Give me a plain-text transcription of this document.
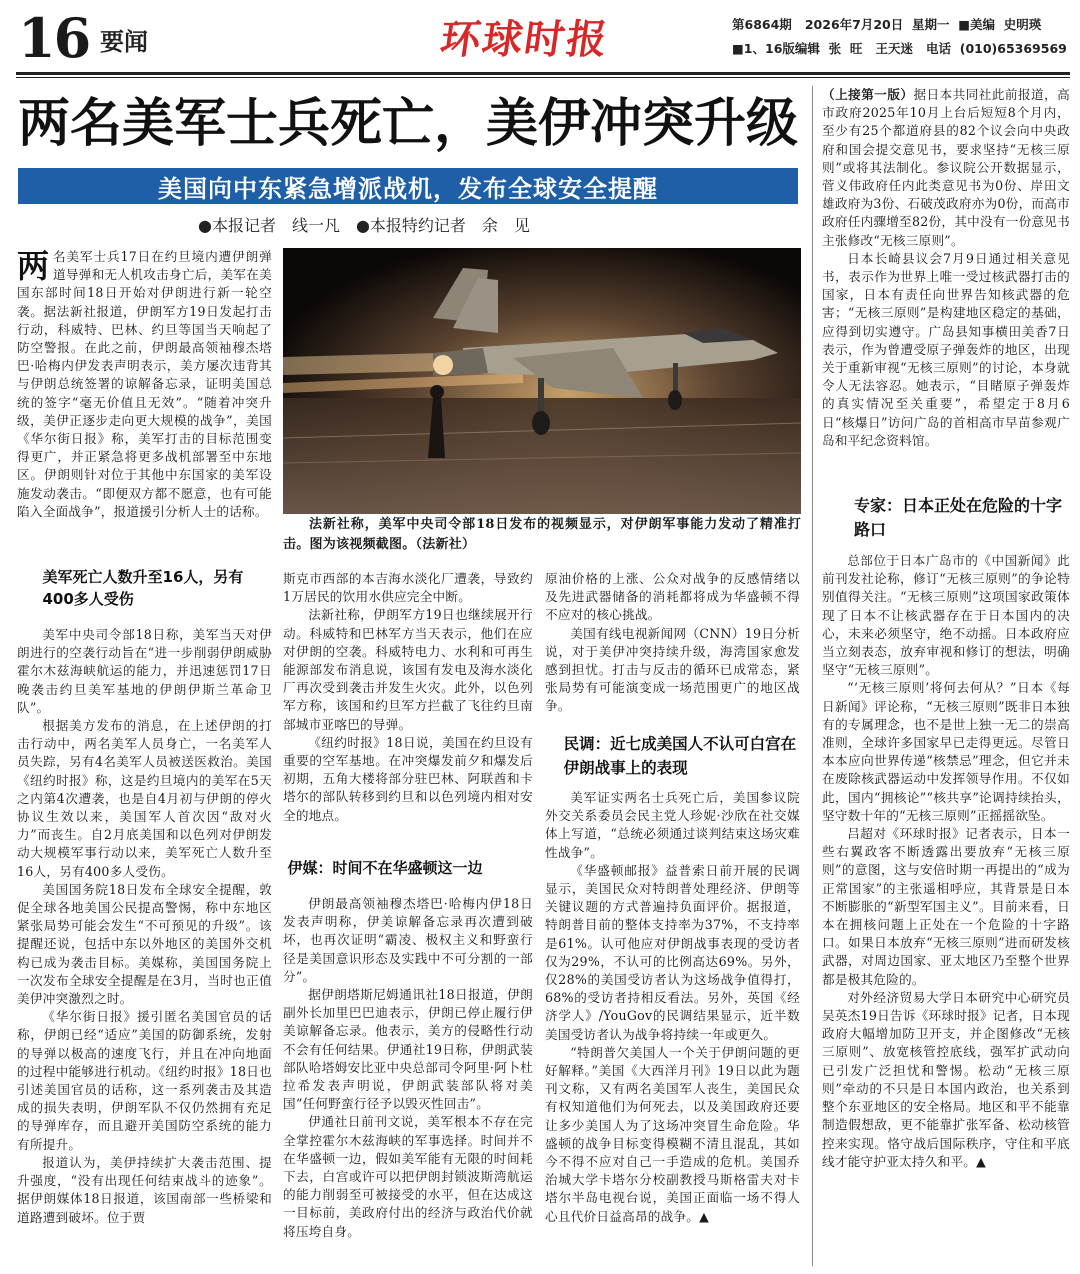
16 要闻	环球时报	第6864期 2026年7月20日 星期一 ■美编 史明瑛
■1、16版编辑 张 旺 王天迷 电话 (010)65369569
两名美军士兵死亡，美伊冲突升级
美国向中东紧急增派战机，发布全球安全提醒
●本报记者　线一凡　●本报特约记者　余　见
两 名美军士兵17日在约旦境内遭伊朗弹道导弹和无人机攻击身亡后，美军在美国东部时间18日开始对伊朗进行新一轮空袭。据法新社报道，伊朗军方19日发起打击行动，科威特、巴林、约旦等国当天响起了防空警报。在此之前，伊朗最高领袖穆杰塔巴·哈梅内伊发表声明表示，美方屡次违背其与伊朗总统签署的谅解备忘录，证明美国总统的签字“毫无价值且无效”。“随着冲突升级，美伊正逐步走向更大规模的战争”，美国《华尔街日报》称，美军打击的目标范围变得更广，并正紧急将更多战机部署至中东地区。伊朗则针对位于其他中东国家的美军设施发动袭击。“即便双方都不愿意，也有可能陷入全面战争”，报道援引分析人士的话称。
法新社称，美军中央司令部18日发布的视频显示，对伊朗军事能力发动了精准打击。图为该视频截图。（法新社）
美军死亡人数升至16人，另有400多人受伤

美军中央司令部18日称，美军当天对伊朗进行的空袭行动旨在“进一步削弱伊朗威胁霍尔木兹海峡航运的能力，并迅速惩罚17日晚袭击约旦美军基地的伊朗伊斯兰革命卫队”。

根据美方发布的消息，在上述伊朗的打击行动中，两名美军人员身亡，一名美军人员失踪，另有4名美军人员被送医救治。美国《纽约时报》称，这是约旦境内的美军在5天之内第4次遭袭，也是自4月初与伊朗的停火协议生效以来，美国军人首次因“敌对火力”而丧生。自2月底美国和以色列对伊朗发动大规模军事行动以来，美军死亡人数升至16人，另有400多人受伤。

美国国务院18日发布全球安全提醒，敦促全球各地美国公民提高警惕，称中东地区紧张局势可能会发生“不可预见的升级”。该提醒还说，包括中东以外地区的美国外交机构已成为袭击目标。美媒称，美国国务院上一次发布全球安全提醒是在3月，当时也正值美伊冲突激烈之时。

《华尔街日报》援引匿名美国官员的话称，伊朗已经“适应”美国的防御系统，发射的导弹以极高的速度飞行，并且在冲向地面的过程中能够进行机动。《纽约时报》18日也引述美国官员的话称，这一系列袭击及其造成的损失表明，伊朗军队不仅仍然拥有充足的导弹库存，而且避开美国防空系统的能力有所提升。

报道认为，美伊持续扩大袭击范围、提升强度，“没有出现任何结束战斗的迹象”。据伊朗媒体18日报道，该国南部一些桥梁和道路遭到破坏。位于贾

斯克市西部的本吉海水淡化厂遭袭，导致约1万居民的饮用水供应完全中断。

法新社称，伊朗军方19日也继续展开行动。科威特和巴林军方当天表示，他们在应对伊朗的空袭。科威特电力、水利和可再生能源部发布消息说，该国有发电及海水淡化厂再次受到袭击并发生火灾。此外，以色列军方称，该国和约旦军方拦截了飞往约旦南部城市亚喀巴的导弹。

《纽约时报》18日说，美国在约旦设有重要的空军基地。在冲突爆发前夕和爆发后初期，五角大楼将部分驻巴林、阿联酋和卡塔尔的部队转移到约旦和以色列境内相对安全的地点。

伊媒：时间不在华盛顿这一边

伊朗最高领袖穆杰塔巴·哈梅内伊18日发表声明称，伊美谅解备忘录再次遭到破坏，也再次证明“霸凌、极权主义和野蛮行径是美国意识形态及实践中不可分割的一部分”。

据伊朗塔斯尼姆通讯社18日报道，伊朗副外长加里巴巴迪表示，伊朗已停止履行伊美谅解备忘录。他表示，美方的侵略性行动不会有任何结果。伊通社19日称，伊朗武装部队哈塔姆安比亚中央总部司令阿里·阿卜杜拉希发表声明说，伊朗武装部队将对美国“任何野蛮行径予以毁灭性回击”。

伊通社日前刊文说，美军根本不存在完全掌控霍尔木兹海峡的军事选择。时间并不在华盛顿一边，假如美军能有无限的时间耗下去，白宫或许可以把伊朗封锁波斯湾航运的能力削弱至可被接受的水平，但在达成这一目标前，美政府付出的经济与政治代价就将压垮自身。

原油价格的上涨、公众对战争的反感情绪以及先进武器储备的消耗都将成为华盛顿不得不应对的核心挑战。

美国有线电视新闻网（CNN）19日分析说，对于美伊冲突持续升级，海湾国家愈发感到担忧。打击与反击的循环已成常态，紧张局势有可能演变成一场范围更广的地区战争。

民调：近七成美国人不认可白宫在伊朗战事上的表现

美军证实两名士兵死亡后，美国参议院外交关系委员会民主党人珍妮·沙欣在社交媒体上写道，“总统必须通过谈判结束这场灾难性战争”。

《华盛顿邮报》益普索日前开展的民调显示，美国民众对特朗普处理经济、伊朗等关键议题的方式普遍持负面评价。据报道，特朗普目前的整体支持率为37%，不支持率是61%。认可他应对伊朗战事表现的受访者仅为29%，不认可的比例高达69%。另外，仅28%的美国受访者认为这场战争值得打，68%的受访者持相反看法。另外，英国《经济学人》/YouGov的民调结果显示，近半数美国受访者认为战争将持续一年或更久。

“特朗普欠美国人一个关于伊朗问题的更好解释。”美国《大西洋月刊》19日以此为题刊文称，又有两名美国军人丧生，美国民众有权知道他们为何死去，以及美国政府还要让多少美国人为了这场冲突冒生命危险。华盛顿的战争目标变得模糊不清且混乱，其如今不得不应对自己一手造成的危机。美国乔治城大学卡塔尔分校副教授马斯格雷夫对卡塔尔半岛电视台说，美国正面临一场不得人心且代价日益高昂的战争。▲

（上接第一版）据日本共同社此前报道，高市政府2025年10月上台后短短8个月内，至少有25个都道府县的82个议会向中央政府和国会提交意见书，要求坚持“无核三原则”或将其法制化。参议院公开数据显示，菅义伟政府任内此类意见书为0份、岸田文雄政府为3份、石破茂政府亦为0份，而高市政府任内骤增至82份，其中没有一份意见书主张修改“无核三原则”。

日本长崎县议会7月9日通过相关意见书，表示作为世界上唯一受过核武器打击的国家，日本有责任向世界告知核武器的危害；“无核三原则”是构建地区稳定的基础，应得到切实遵守。广岛县知事横田美香7日表示，作为曾遭受原子弹轰炸的地区，出现关于重新审视“无核三原则”的讨论，本身就令人无法容忍。她表示，“目睹原子弹轰炸的真实情况至关重要”，希望定于8月6日“核爆日”访问广岛的首相高市早苗参观广岛和平纪念资料馆。

专家：日本正处在危险的十字路口

总部位于日本广岛市的《中国新闻》此前刊发社论称，修订“无核三原则”的争论特别值得关注。“无核三原则”这项国家政策体现了日本不让核武器存在于日本国内的决心，未来必须坚守，绝不动摇。日本政府应当立刻表态，放弃审视和修订的想法，明确坚守“无核三原则”。

“‘无核三原则’将何去何从？”日本《每日新闻》评论称，“无核三原则”既非日本独有的专属理念，也不是世上独一无二的崇高准则，全球许多国家早已走得更远。尽管日本本应向世界传递“核禁忌”理念，但它并未在废除核武器运动中发挥领导作用。不仅如此，国内“拥核论”“核共享”论调持续抬头，坚守数十年的“无核三原则”正摇摇欲坠。

吕超对《环球时报》记者表示，日本一些右翼政客不断透露出要放弃“无核三原则”的意图，这与安倍时期一再提出的“成为正常国家”的主张遥相呼应，其背景是日本不断膨胀的“新型军国主义”。目前来看，日本在拥核问题上正处在一个危险的十字路口。如果日本放弃“无核三原则”进而研发核武器，对周边国家、亚太地区乃至整个世界都是极其危险的。

对外经济贸易大学日本研究中心研究员吴英杰19日告诉《环球时报》记者，日本现政府大幅增加防卫开支，并企图修改“无核三原则”、放宽核管控底线，强军扩武动向已引发广泛担忧和警惕。松动“无核三原则”牵动的不只是日本国内政治，也关系到整个东亚地区的安全格局。地区和平不能靠制造假想敌，更不能靠扩张军备、松动核管控来实现。恪守战后国际秩序，守住和平底线才能守护亚太持久和平。▲
